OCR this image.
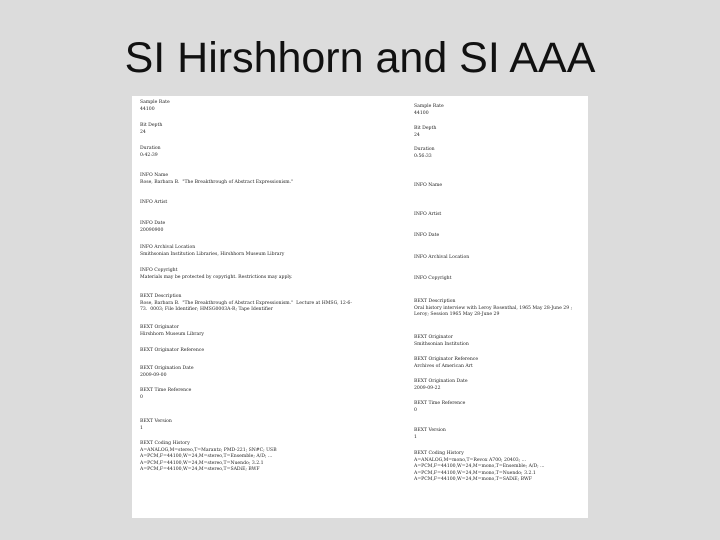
SI Hirshhorn and SI AAA
Sample Rate
44100
Bit Depth
24
Duration
0:42:39
INFO Name
Rose, Barbara B.  "The Breakthrough of Abstract Expressionism."
INFO Artist
INFO Date
20090900
INFO Archival Location
Smithsonian Institution Libraries, Hirshhorn Museum Library
INFO Copyright
Materials may be protected by copyright. Restrictions may apply.
BEXT Description
Rose, Barbara B.  "The Breakthrough of Abstract Expressionism."  Lecture at HMSG, 12-6-73.  0003; File Identifier; HMSG0003A-R; Tape Identifier
BEXT Originator
Hirshhorn Museum Library
BEXT Originator Reference
BEXT Origination Date
2009-09-00
BEXT Time Reference
0
BEXT Version
1
BEXT Coding History
A=ANALOG,M=stereo,T=Marantz; PMD-221; SN#C; USB
A=PCM,F=44100,W=24,M=stereo,T=Ensemble; A/D; ...
A=PCM,F=44100,W=24,M=stereo,T=Nuendo; 3.2.1
A=PCM,F=44100,W=24,M=stereo,T=SADiE; BWF
Sample Rate
44100
Bit Depth
24
Duration
0:56:33
INFO Name
INFO Artist
INFO Date
INFO Archival Location
INFO Copyright
BEXT Description
Oral history interview with Leroy Rosenthal, 1965 May 28-June 29 ; Leroy; Session 1965 May 28-June 29
BEXT Originator
Smithsonian Institution
BEXT Originator Reference
Archives of American Art
BEXT Origination Date
2009-09-22
BEXT Time Reference
0
BEXT Version
1
BEXT Coding History
A=ANALOG,M=mono,T=Revox A700; 20403; ...
A=PCM,F=44100,W=24,M=mono,T=Ensemble; A/D; ...
A=PCM,F=44100,W=24,M=mono,T=Nuendo; 3.2.1
A=PCM,F=44100,W=24,M=mono,T=SADiE; BWF
